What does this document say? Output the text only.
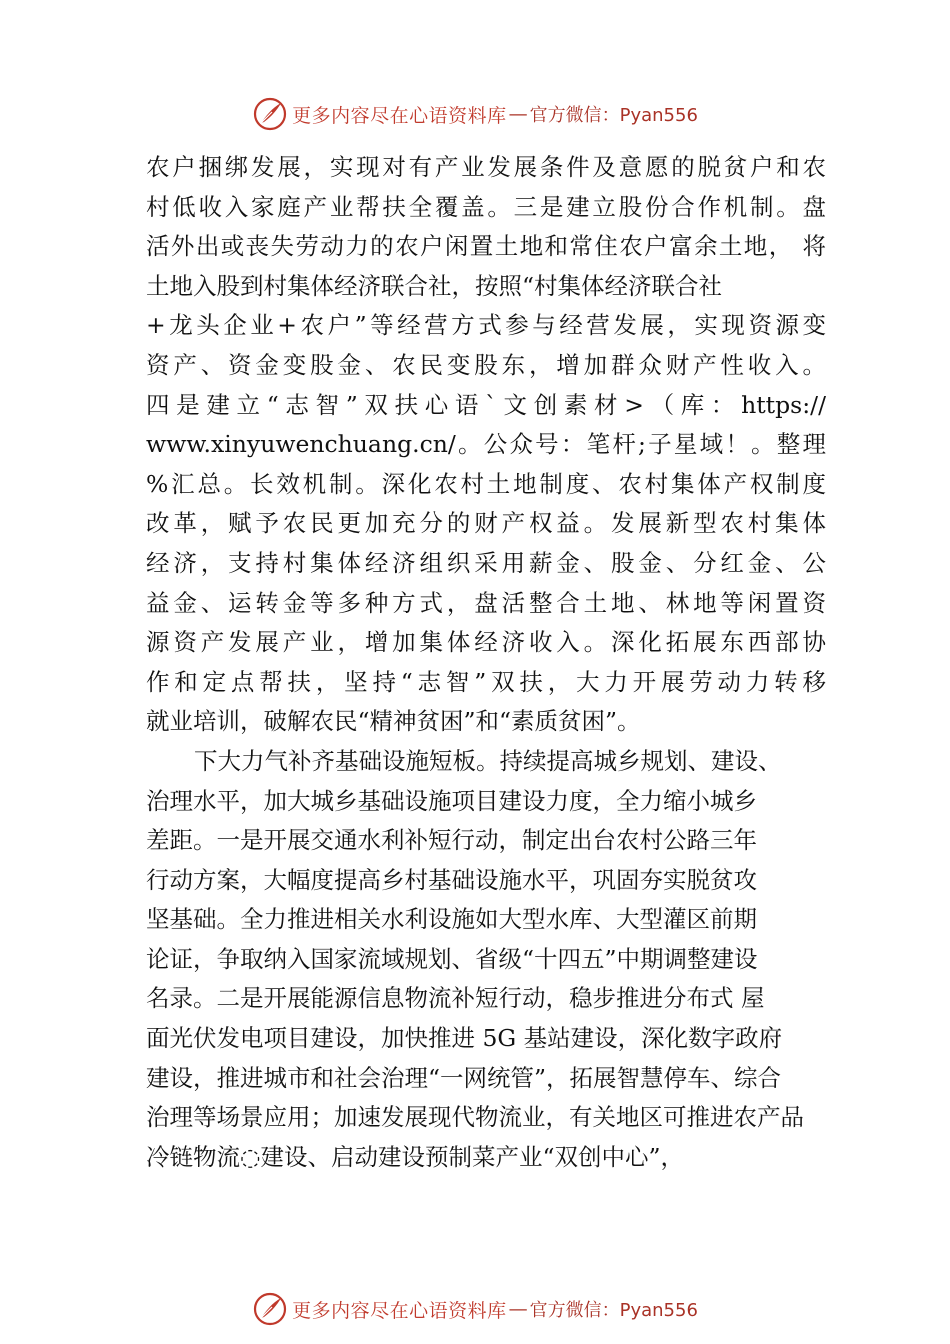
更多内容尽在心语资料库 — 官方微信：Pyan556
农户捆绑发展，实现对有产业发展条件及意愿的脱贫户和农
村低收入家庭产业帮扶全覆盖。三是建立股份合作机制。盘
活外出或丧失劳动力的农户闲置土地和常住农户富余土地， 将
土地入股到村集体经济联合社，按照“村集体经济联合社
+龙头企业+农户”等经营方式参与经营发展，实现资源变
资产、资金变股金、农民变股东，增加群众财产性收入。
四是建立“志智”双扶心语`文创素材>（库：https://
www.xinyuwenchuang.cn/。公众号：笔杆;子星域！。整理
%汇总。长效机制。深化农村土地制度、农村集体产权制度
改革，赋予农民更加充分的财产权益。发展新型农村集体
经济，支持村集体经济组织采用薪金、股金、分红金、公
益金、运转金等多种方式，盘活整合土地、林地等闲置资
源资产发展产业，增加集体经济收入。深化拓展东西部协
作和定点帮扶，坚持“志智”双扶，大力开展劳动力转移
就业培训，破解农民“精神贫困”和“素质贫困”。
下大力气补齐基础设施短板。持续提高城乡规划、建设、
治理水平，加大城乡基础设施项目建设力度，全力缩小城乡
差距。一是开展交通水利补短行动，制定出台农村公路三年
行动方案，大幅度提高乡村基础设施水平，巩固夯实脱贫攻
坚基础。全力推进相关水利设施如大型水库、大型灌区前期
论证，争取纳入国家流域规划、省级“十四五”中期调整建设
名录。二是开展能源信息物流补短行动，稳步推进分布式 屋
面光伏发电项目建设，加快推进 5G 基站建设，深化数字政府
建设，推进城市和社会治理“一网统管”，拓展智慧停车、综合
治理等场景应用；加速发展现代物流业，有关地区可推进农产品
冷链物流◌建设、启动建设预制菜产业“双创中心”，
更多内容尽在心语资料库 — 官方微信：Pyan556
